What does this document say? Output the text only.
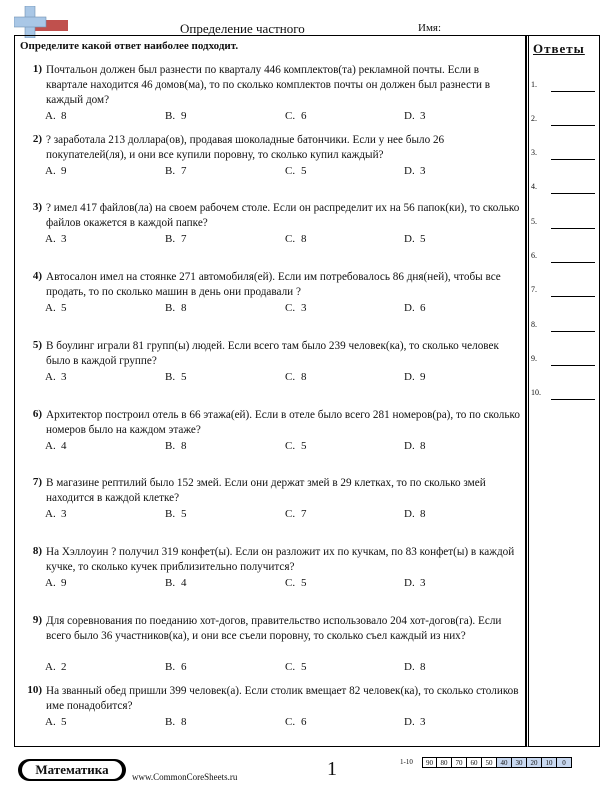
Определение частного	Имя:
Определите какой ответ наиболее подходит.
1) Почтальон должен был разнести по кварталу 446 комплектов(та) рекламной почты. Если в квартале находится 46 домов(ма), то по сколько комплектов почты он должен был разнести в каждый дом?
A. 8	B. 9	C. 6	D. 3
2) ? заработала 213 доллара(ов), продавая шоколадные батончики. Если у нее было 26 покупателей(ля), и они все купили поровну, то сколько купил каждый?
A. 9	B. 7	C. 5	D. 3
3) ? имел 417 файлов(ла) на своем рабочем столе. Если он распределит их на 56 папок(ки), то сколько файлов окажется в каждой папке?
A. 3	B. 7	C. 8	D. 5
4) Автосалон имел на стоянке 271 автомобиля(ей). Если им потребовалось 86 дня(ней), чтобы все продать, то по сколько машин в день они продавали ?
A. 5	B. 8	C. 3	D. 6
5) В боулинг играли 81 групп(ы) людей. Если всего там было 239 человек(ка), то сколько человек было в каждой группе?
A. 3	B. 5	C. 8	D. 9
6) Архитектор построил отель в 66 этажа(ей). Если в отеле было всего 281 номеров(ра), то по сколько номеров было на каждом этаже?
A. 4	B. 8	C. 5	D. 8
7) В магазине рептилий было 152 змей. Если они держат змей в 29 клетках, то по сколько змей находится в каждой клетке?
A. 3	B. 5	C. 7	D. 8
8) На Хэллоуин ? получил 319 конфет(ы). Если он разложит их по кучкам, по 83 конфет(ы) в каждой кучке, то сколько кучек приблизительно получится?
A. 9	B. 4	C. 5	D. 3
9) Для соревнования по поеданию хот-догов, правительство использовало 204 хот-догов(га). Если всего было 36 участников(ка), и они все съели поровну, то сколько съел каждый из них?
A. 2	B. 6	C. 5	D. 8
10) На званный обед пришли 399 человек(а). Если столик вмещает 82 человек(ка), то сколько столиков име понадобится?
A. 5	B. 8	C. 6	D. 3
Ответы
1.
2.
3.
4.
5.
6.
7.
8.
9.
10.
Математика	www.CommonCoreSheets.ru	1	1-10	90	80	70	60	50	40	30	20	10	0
